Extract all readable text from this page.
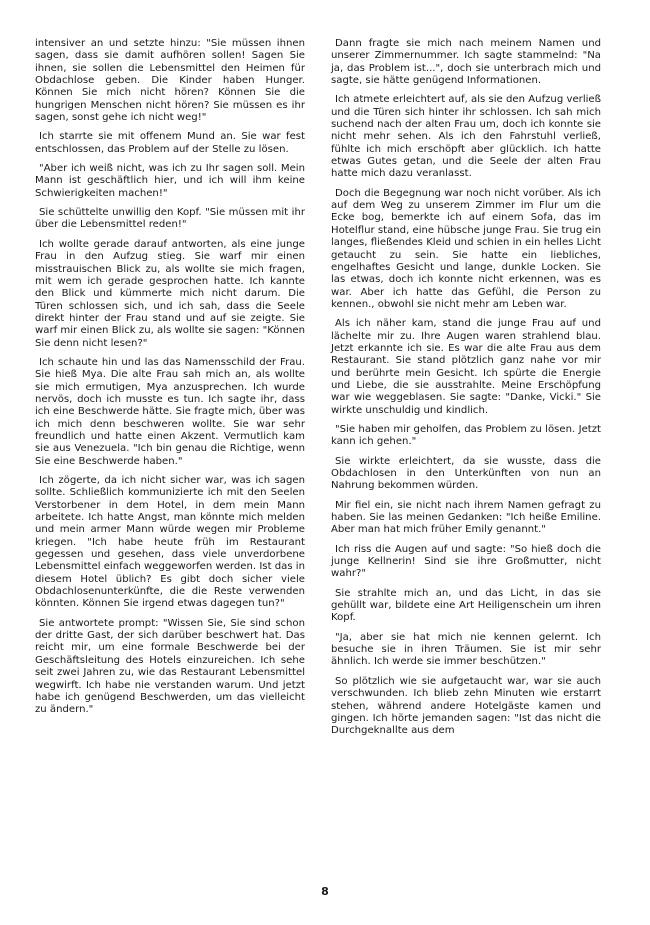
intensiver an und setzte hinzu: "Sie müssen ihnen sagen, dass sie damit aufhören sollen! Sagen Sie ihnen, sie sollen die Lebensmittel den Heimen für Obdachlose geben. Die Kinder haben Hunger. Können Sie mich nicht hören? Können Sie die hungrigen Menschen nicht hören? Sie müssen es ihr sagen, sonst gehe ich nicht weg!"

Ich starrte sie mit offenem Mund an. Sie war fest entschlossen, das Problem auf der Stelle zu lösen.

"Aber ich weiß nicht, was ich zu Ihr sagen soll. Mein Mann ist geschäftlich hier, und ich will ihm keine Schwierigkeiten machen!"

Sie schüttelte unwillig den Kopf. "Sie müssen mit ihr über die Lebensmittel reden!"

Ich wollte gerade darauf antworten, als eine junge Frau in den Aufzug stieg. Sie warf mir einen misstrauischen Blick zu, als wollte sie mich fragen, mit wem ich gerade gesprochen hatte. Ich kannte den Blick und kümmerte mich nicht darum. Die Türen schlossen sich, und ich sah, dass die Seele direkt hinter der Frau stand und auf sie zeigte. Sie warf mir einen Blick zu, als wollte sie sagen: "Können Sie denn nicht lesen?"

Ich schaute hin und las das Namensschild der Frau. Sie hieß Mya. Die alte Frau sah mich an, als wollte sie mich ermutigen, Mya anzusprechen. Ich wurde nervös, doch ich musste es tun. Ich sagte ihr, dass ich eine Beschwerde hätte. Sie fragte mich, über was ich mich denn beschweren wollte. Sie war sehr freundlich und hatte einen Akzent. Vermutlich kam sie aus Venezuela. "Ich bin genau die Richtige, wenn Sie eine Beschwerde haben."

Ich zögerte, da ich nicht sicher war, was ich sagen sollte. Schließlich kommunizierte ich mit den Seelen Verstorbener in dem Hotel, in dem mein Mann arbeitete. Ich hatte Angst, man könnte mich melden und mein armer Mann würde wegen mir Probleme kriegen. "Ich habe heute früh im Restaurant gegessen und gesehen, dass viele unverdorbene Lebensmittel einfach weggeworfen werden. Ist das in diesem Hotel üblich? Es gibt doch sicher viele Obdachlosenunterkünfte, die die Reste verwenden könnten. Können Sie irgend etwas dagegen tun?"

Sie antwortete prompt: "Wissen Sie, Sie sind schon der dritte Gast, der sich darüber beschwert hat. Das reicht mir, um eine formale Beschwerde bei der Geschäftsleitung des Hotels einzureichen. Ich sehe seit zwei Jahren zu, wie das Restaurant Lebensmittel wegwirft. Ich habe nie verstanden warum. Und jetzt habe ich genügend Beschwerden, um das vielleicht zu ändern."

Dann fragte sie mich nach meinem Namen und unserer Zimmernummer. Ich sagte stammelnd: "Na ja, das Problem ist...", doch sie unterbrach mich und sagte, sie hätte genügend Informationen.

Ich atmete erleichtert auf, als sie den Aufzug verließ und die Türen sich hinter ihr schlossen. Ich sah mich suchend nach der alten Frau um, doch ich konnte sie nicht mehr sehen. Als ich den Fahrstuhl verließ, fühlte ich mich erschöpft aber glücklich. Ich hatte etwas Gutes getan, und die Seele der alten Frau hatte mich dazu veranlasst.

Doch die Begegnung war noch nicht vorüber. Als ich auf dem Weg zu unserem Zimmer im Flur um die Ecke bog, bemerkte ich auf einem Sofa, das im Hotelflur stand, eine hübsche junge Frau. Sie trug ein langes, fließendes Kleid und schien in ein helles Licht getaucht zu sein. Sie hatte ein liebliches, engelhaftes Gesicht und lange, dunkle Locken. Sie las etwas, doch ich konnte nicht erkennen, was es war. Aber ich hatte das Gefühl, die Person zu kennen., obwohl sie nicht mehr am Leben war.

Als ich näher kam, stand die junge Frau auf und lächelte mir zu. Ihre Augen waren strahlend blau. Jetzt erkannte ich sie. Es war die alte Frau aus dem Restaurant. Sie stand plötzlich ganz nahe vor mir und berührte mein Gesicht. Ich spürte die Energie und Liebe, die sie ausstrahlte. Meine Erschöpfung war wie weggeblasen. Sie sagte: "Danke, Vicki." Sie wirkte unschuldig und kindlich.

"Sie haben mir geholfen, das Problem zu lösen. Jetzt kann ich gehen."

Sie wirkte erleichtert, da sie wusste, dass die Obdachlosen in den Unterkünften von nun an Nahrung bekommen würden.

Mir fiel ein, sie nicht nach ihrem Namen gefragt zu haben. Sie las meinen Gedanken: "Ich heiße Emiline. Aber man hat mich früher Emily genannt."

Ich riss die Augen auf und sagte: "So hieß doch die junge Kellnerin! Sind sie ihre Großmutter, nicht wahr?"

Sie strahlte mich an, und das Licht, in das sie gehüllt war, bildete eine Art Heiligenschein um ihren Kopf.

"Ja, aber sie hat mich nie kennen gelernt. Ich besuche sie in ihren Träumen. Sie ist mir sehr ähnlich. Ich werde sie immer beschützen."

So plötzlich wie sie aufgetaucht war, war sie auch verschwunden. Ich blieb zehn Minuten wie erstarrt stehen, während andere Hotelgäste kamen und gingen. Ich hörte jemanden sagen: "Ist das nicht die Durchgeknallte aus dem

8
